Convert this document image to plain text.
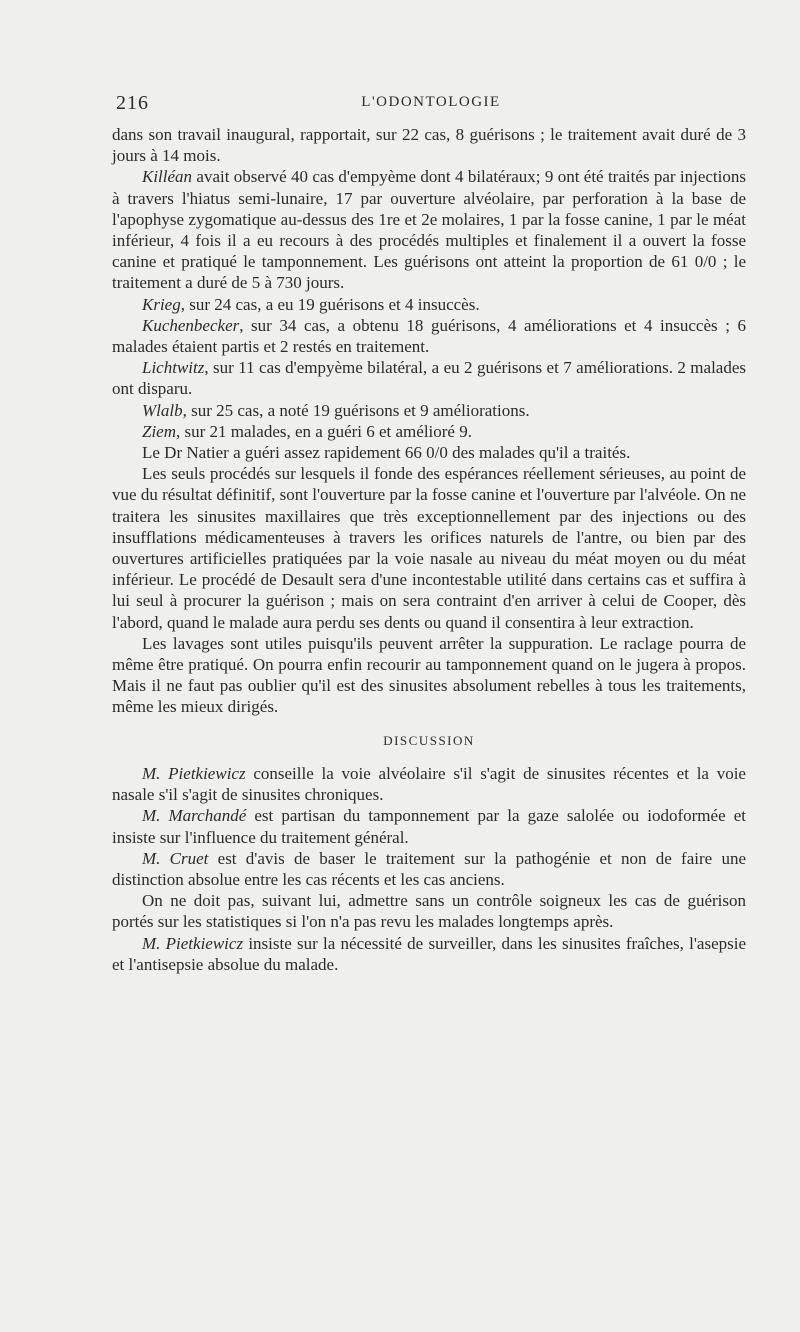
216	L'ODONTOLOGIE

dans son travail inaugural, rapportait, sur 22 cas, 8 guérisons ; le traitement avait duré de 3 jours à 14 mois.

Killéan avait observé 40 cas d'empyème dont 4 bilatéraux; 9 ont été traités par injections à travers l'hiatus semi-lunaire, 17 par ouverture alvéolaire, par perforation à la base de l'apophyse zygomatique au-dessus des 1re et 2e molaires, 1 par la fosse canine, 1 par le méat inférieur, 4 fois il a eu recours à des procédés multiples et finalement il a ouvert la fosse canine et pratiqué le tamponnement. Les guérisons ont atteint la proportion de 61 0/0 ; le traitement a duré de 5 à 730 jours.

Krieg, sur 24 cas, a eu 19 guérisons et 4 insuccès.

Kuchenbecker, sur 34 cas, a obtenu 18 guérisons, 4 améliorations et 4 insuccès ; 6 malades étaient partis et 2 restés en traitement.

Lichtwitz, sur 11 cas d'empyème bilatéral, a eu 2 guérisons et 7 améliorations. 2 malades ont disparu.

Wlalb, sur 25 cas, a noté 19 guérisons et 9 améliorations.

Ziem, sur 21 malades, en a guéri 6 et amélioré 9.

Le Dr Natier a guéri assez rapidement 66 0/0 des malades qu'il a traités.

Les seuls procédés sur lesquels il fonde des espérances réellement sérieuses, au point de vue du résultat définitif, sont l'ouverture par la fosse canine et l'ouverture par l'alvéole. On ne traitera les sinusites maxillaires que très exceptionnellement par des injections ou des insufflations médicamenteuses à travers les orifices naturels de l'antre, ou bien par des ouvertures artificielles pratiquées par la voie nasale au niveau du méat moyen ou du méat inférieur. Le procédé de Desault sera d'une incontestable utilité dans certains cas et suffira à lui seul à procurer la guérison ; mais on sera contraint d'en arriver à celui de Cooper, dès l'abord, quand le malade aura perdu ses dents ou quand il consentira à leur extraction.

Les lavages sont utiles puisqu'ils peuvent arrêter la suppuration. Le raclage pourra de même être pratiqué. On pourra enfin recourir au tamponnement quand on le jugera à propos. Mais il ne faut pas oublier qu'il est des sinusites absolument rebelles à tous les traitements, même les mieux dirigés.

DISCUSSION

M. Pietkiewicz conseille la voie alvéolaire s'il s'agit de sinusites récentes et la voie nasale s'il s'agit de sinusites chroniques.

M. Marchandé est partisan du tamponnement par la gaze salolée ou iodoformée et insiste sur l'influence du traitement général.

M. Cruet est d'avis de baser le traitement sur la pathogénie et non de faire une distinction absolue entre les cas récents et les cas anciens.

On ne doit pas, suivant lui, admettre sans un contrôle soigneux les cas de guérison portés sur les statistiques si l'on n'a pas revu les malades longtemps après.

M. Pietkiewicz insiste sur la nécessité de surveiller, dans les sinusites fraîches, l'asepsie et l'antisepsie absolue du malade.
